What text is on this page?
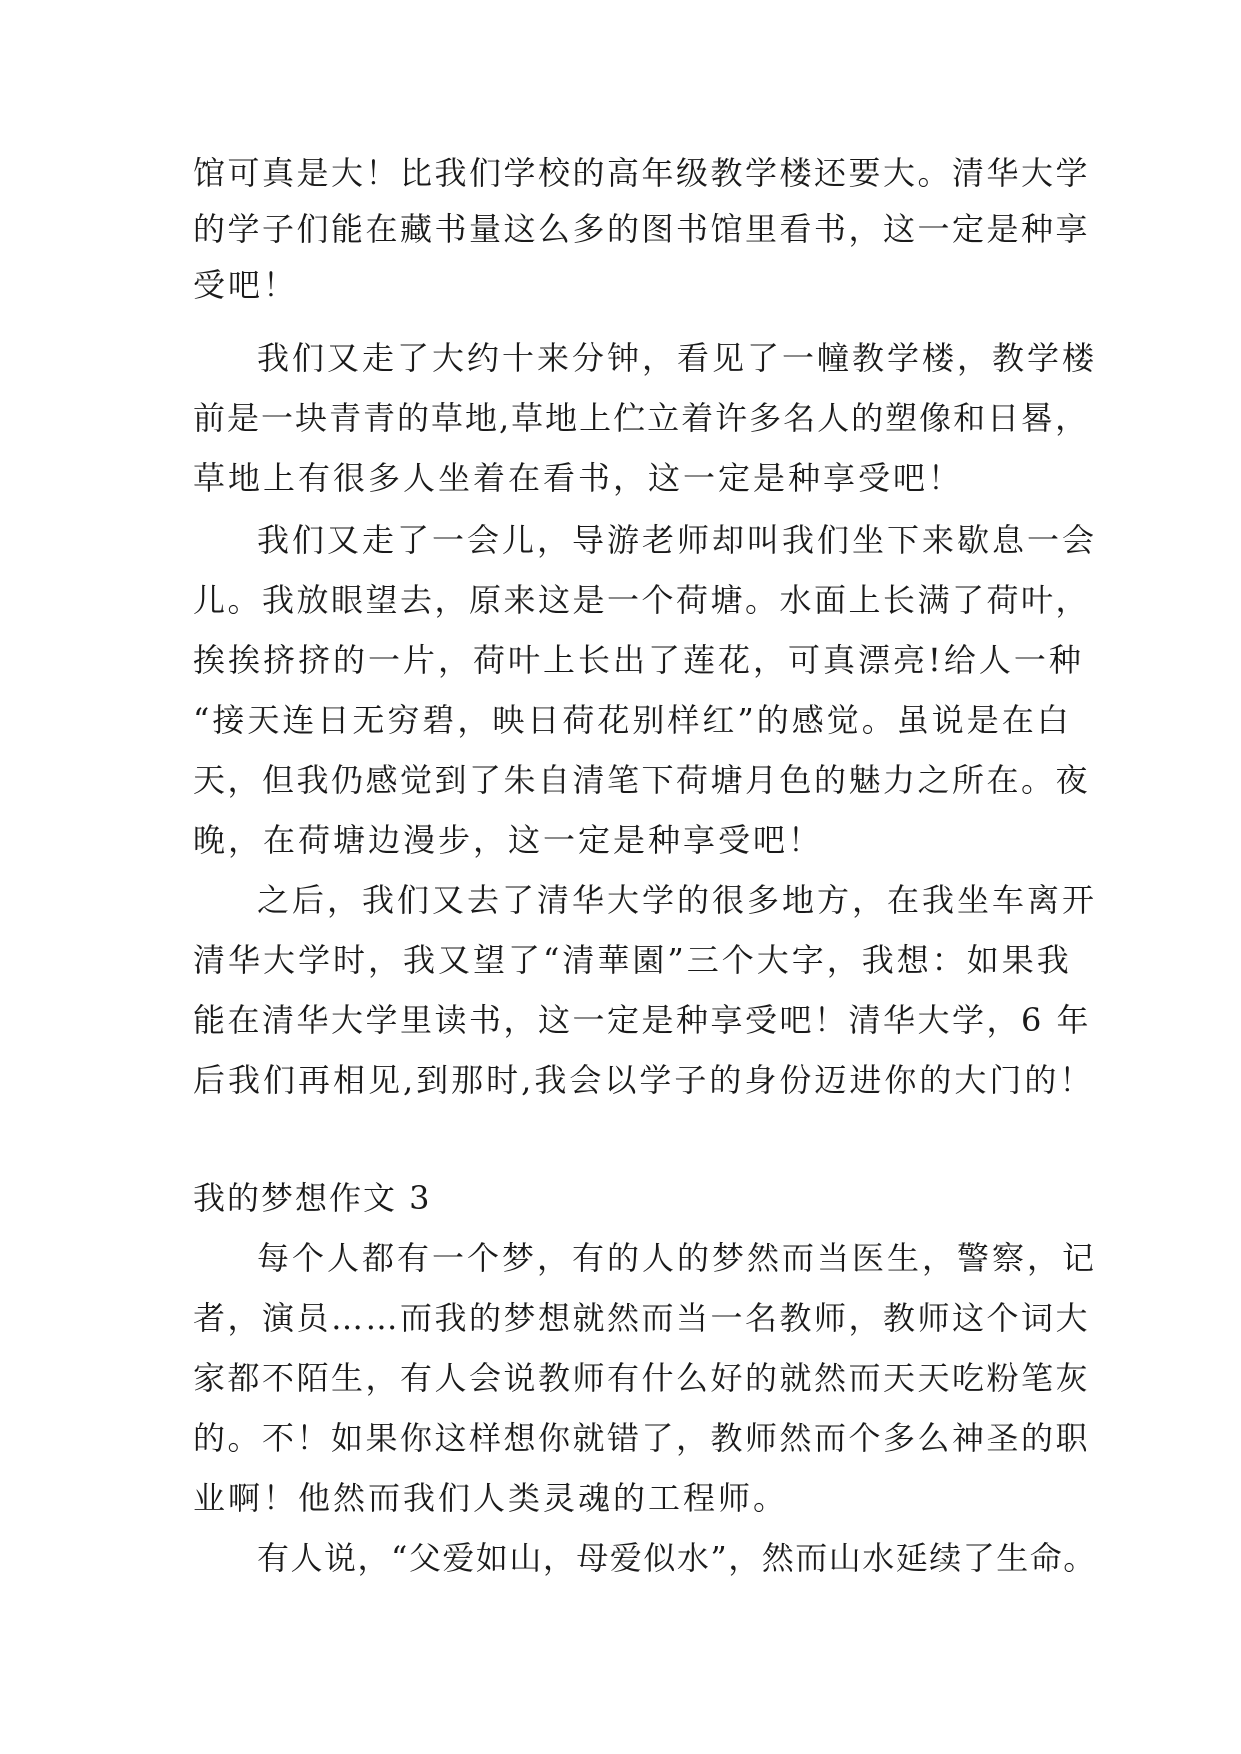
馆可真是大！比我们学校的高年级教学楼还要大。清华大学
的学子们能在藏书量这么多的图书馆里看书，这一定是种享
受吧！
我们又走了大约十来分钟，看见了一幢教学楼，教学楼
前是一块青青的草地,草地上伫立着许多名人的塑像和日晷，
草地上有很多人坐着在看书，这一定是种享受吧！
我们又走了一会儿，导游老师却叫我们坐下来歇息一会
儿。我放眼望去，原来这是一个荷塘。水面上长满了荷叶，
挨挨挤挤的一片，荷叶上长出了莲花，可真漂亮!给人一种
“接天连日无穷碧，映日荷花别样红”的感觉。虽说是在白
天，但我仍感觉到了朱自清笔下荷塘月色的魅力之所在。夜
晚，在荷塘边漫步，这一定是种享受吧！
之后，我们又去了清华大学的很多地方，在我坐车离开
清华大学时，我又望了“清華園”三个大字，我想：如果我
能在清华大学里读书，这一定是种享受吧！清华大学，6 年
后我们再相见,到那时,我会以学子的身份迈进你的大门的！
我的梦想作文 3
每个人都有一个梦，有的人的梦然而当医生，警察，记
者，演员……而我的梦想就然而当一名教师，教师这个词大
家都不陌生，有人会说教师有什么好的就然而天天吃粉笔灰
的。不！如果你这样想你就错了，教师然而个多么神圣的职
业啊！他然而我们人类灵魂的工程师。
有人说，“父爱如山，母爱似水”，然而山水延续了生命。
